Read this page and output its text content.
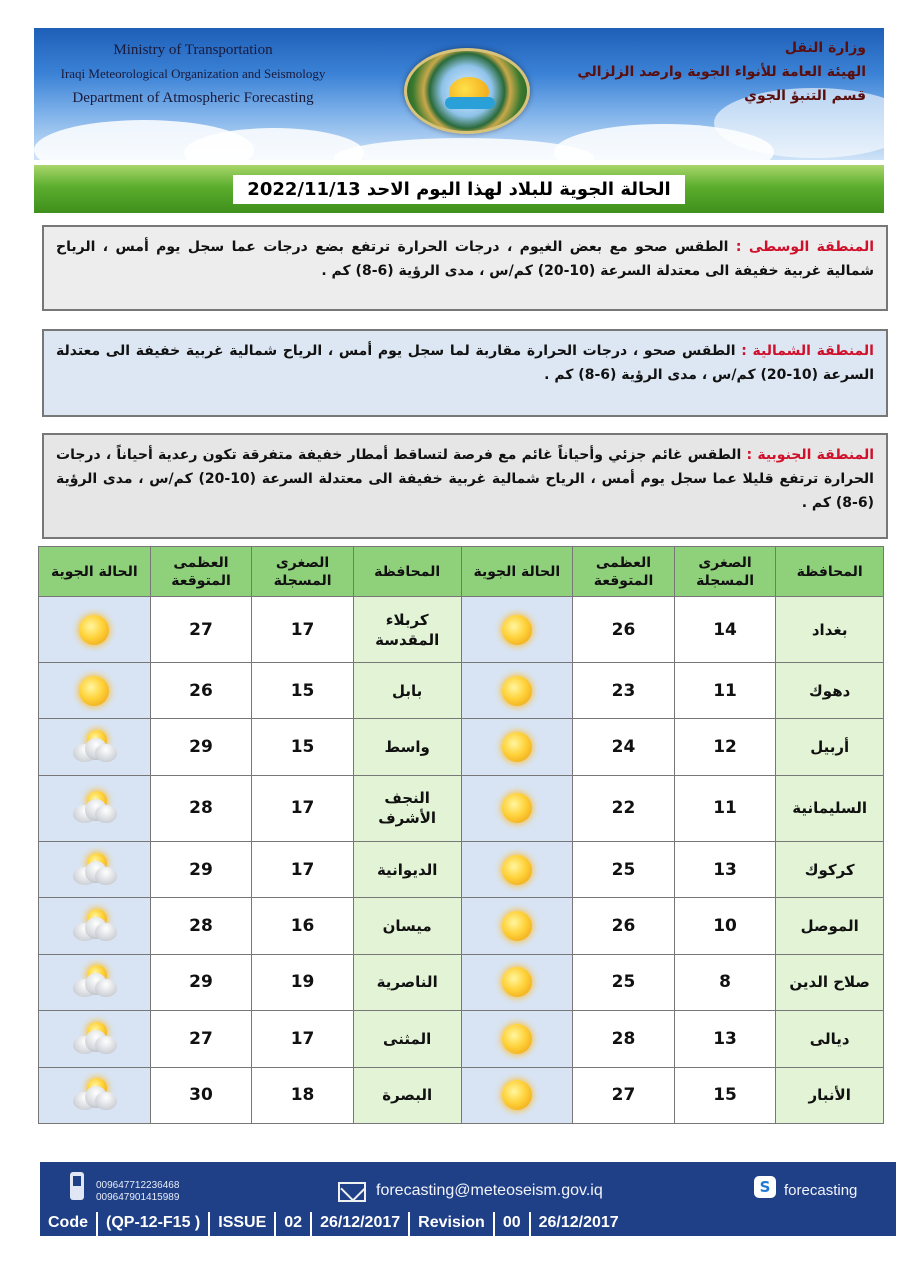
Ministry of Transportation
Iraqi Meteorological Organization and Seismology
Department of Atmospheric Forecasting
وزارة النقل
الهيئة العامة للأنواء الجوية وارصد الزلزالي
قسم التنبؤ الجوي
الحالة الجوية للبلاد لهذا اليوم الاحد 2022/11/13
المنطقة الوسطى : الطقس صحو مع بعض الغيوم ، درجات الحرارة ترتفع بضع درجات عما سجل يوم أمس ، الرياح شمالية غربية خفيفة الى معتدلة السرعة (10-20) كم/س ، مدى الرؤية (6-8) كم .
المنطقة الشمالية : الطقس صحو ، درجات الحرارة مقاربة لما سجل يوم أمس ، الرياح شمالية غربية خفيفة الى معتدلة السرعة (10-20) كم/س ، مدى الرؤية (6-8) كم .
المنطقة الجنوبية : الطقس غائم جزئي وأحياناً غائم مع فرصة لتساقط أمطار خفيفة متفرقة تكون رعدية أحياناً ، درجات الحرارة ترتفع قليلا عما سجل يوم أمس ، الرياح شمالية غربية خفيفة الى معتدلة السرعة (10-20) كم/س ، مدى الرؤية (6-8) كم .
المحافظة	الصغرى المسجلة	العظمى المتوقعة	الحالة الجوية	المحافظة	الصغرى المسجلة	العظمى المتوقعة	الحالة الجوية
بغداد	14	26		كربلاء المقدسة	17	27	

دهوك	11	23		بابل	15	26	

أربيل	12	24		واسط	15	29	

السليمانية	11	22		النجف الأشرف	17	28	

كركوك	13	25		الديوانية	17	29	

الموصل	10	26		ميسان	16	28	

صلاح الدين	8	25		الناصرية	19	29	

ديالى	13	28		المثنى	17	27	

الأنبار	15	27		البصرة	18	30	
009647712236468
009647901415989	forecasting@meteoseism.gov.iq	S forecasting
Code	(QP-12-F15 )	ISSUE	02	26/12/2017	Revision	00	26/12/2017
